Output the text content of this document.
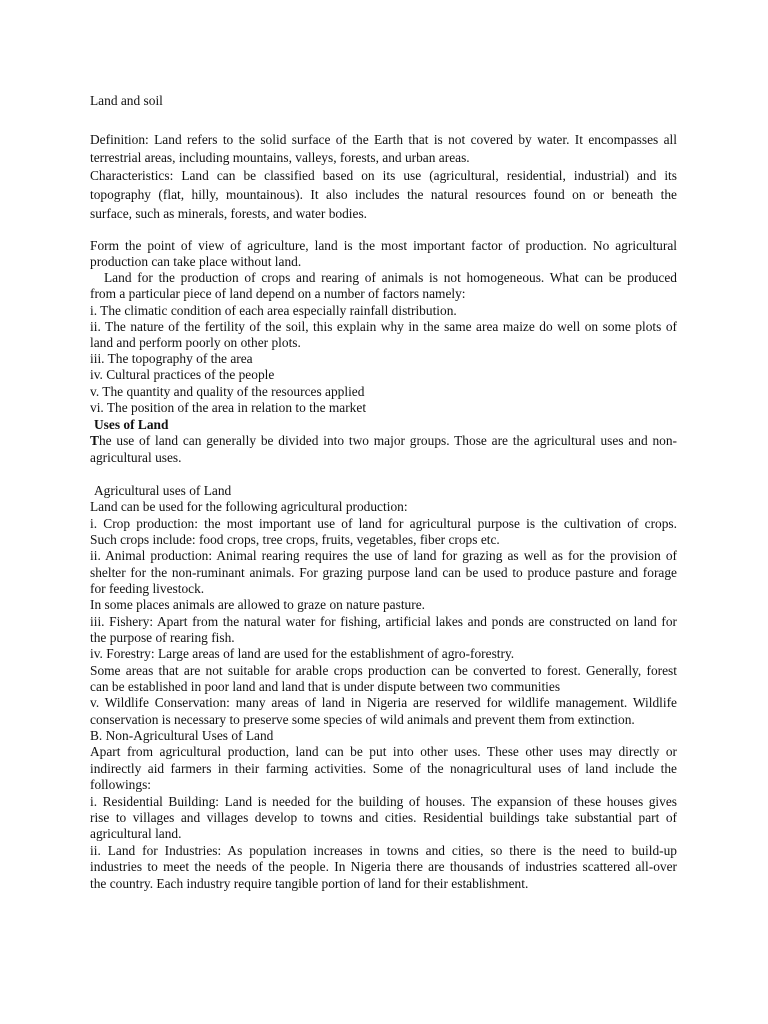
Land and soil
Definition: Land refers to the solid surface of the Earth that is not covered by water. It encompasses all
terrestrial areas, including mountains, valleys, forests, and urban areas.
Characteristics: Land can be classified based on its use (agricultural, residential, industrial) and its
topography (flat, hilly, mountainous). It also includes the natural resources found on or beneath the
surface, such as minerals, forests, and water bodies.
Form the point of view of agriculture, land is the most important factor of production. No agricultural
production can take place without land.
Land for the production of crops and rearing of animals is not homogeneous. What can be produced
from a particular piece of land depend on a number of factors namely:
i. The climatic condition of each area especially rainfall distribution.
ii. The nature of the fertility of the soil, this explain why in the same area maize do well on some plots of
land and perform poorly on other plots.
iii. The topography of the area
iv. Cultural practices of the people
v. The quantity and quality of the resources applied
vi. The position of the area in relation to the market
Uses of Land
T he use of land can generally be divided into two major groups. Those are the agricultural uses and non-
agricultural uses.
Agricultural uses of Land
Land can be used for the following agricultural production:
i. Crop production: the most important use of land for agricultural purpose is the cultivation of crops.
Such crops include: food crops, tree crops, fruits, vegetables, fiber crops etc.
ii. Animal production: Animal rearing requires the use of land for grazing as well as for the provision of
shelter for the non-ruminant animals. For grazing purpose land can be used to produce pasture and forage
for feeding livestock.
In some places animals are allowed to graze on nature pasture.
iii. Fishery: Apart from the natural water for fishing, artificial lakes and ponds are constructed on land for
the purpose of rearing fish.
iv. Forestry: Large areas of land are used for the establishment of agro-forestry.
Some areas that are not suitable for arable crops production can be converted to forest. Generally, forest
can be established in poor land and land that is under dispute between two communities
v. Wildlife Conservation: many areas of land in Nigeria are reserved for wildlife management. Wildlife
conservation is necessary to preserve some species of wild animals and prevent them from extinction.
B. Non-Agricultural Uses of Land
Apart from agricultural production, land can be put into other uses. These other uses may directly or
indirectly aid farmers in their farming activities. Some of the nonagricultural uses of land include the
followings:
i. Residential Building: Land is needed for the building of houses. The expansion of these houses gives
rise to villages and villages develop to towns and cities. Residential buildings take substantial part of
agricultural land.
ii. Land for Industries: As population increases in towns and cities, so there is the need to build-up
industries to meet the needs of the people. In Nigeria there are thousands of industries scattered all-over
the country. Each industry require tangible portion of land for their establishment.
